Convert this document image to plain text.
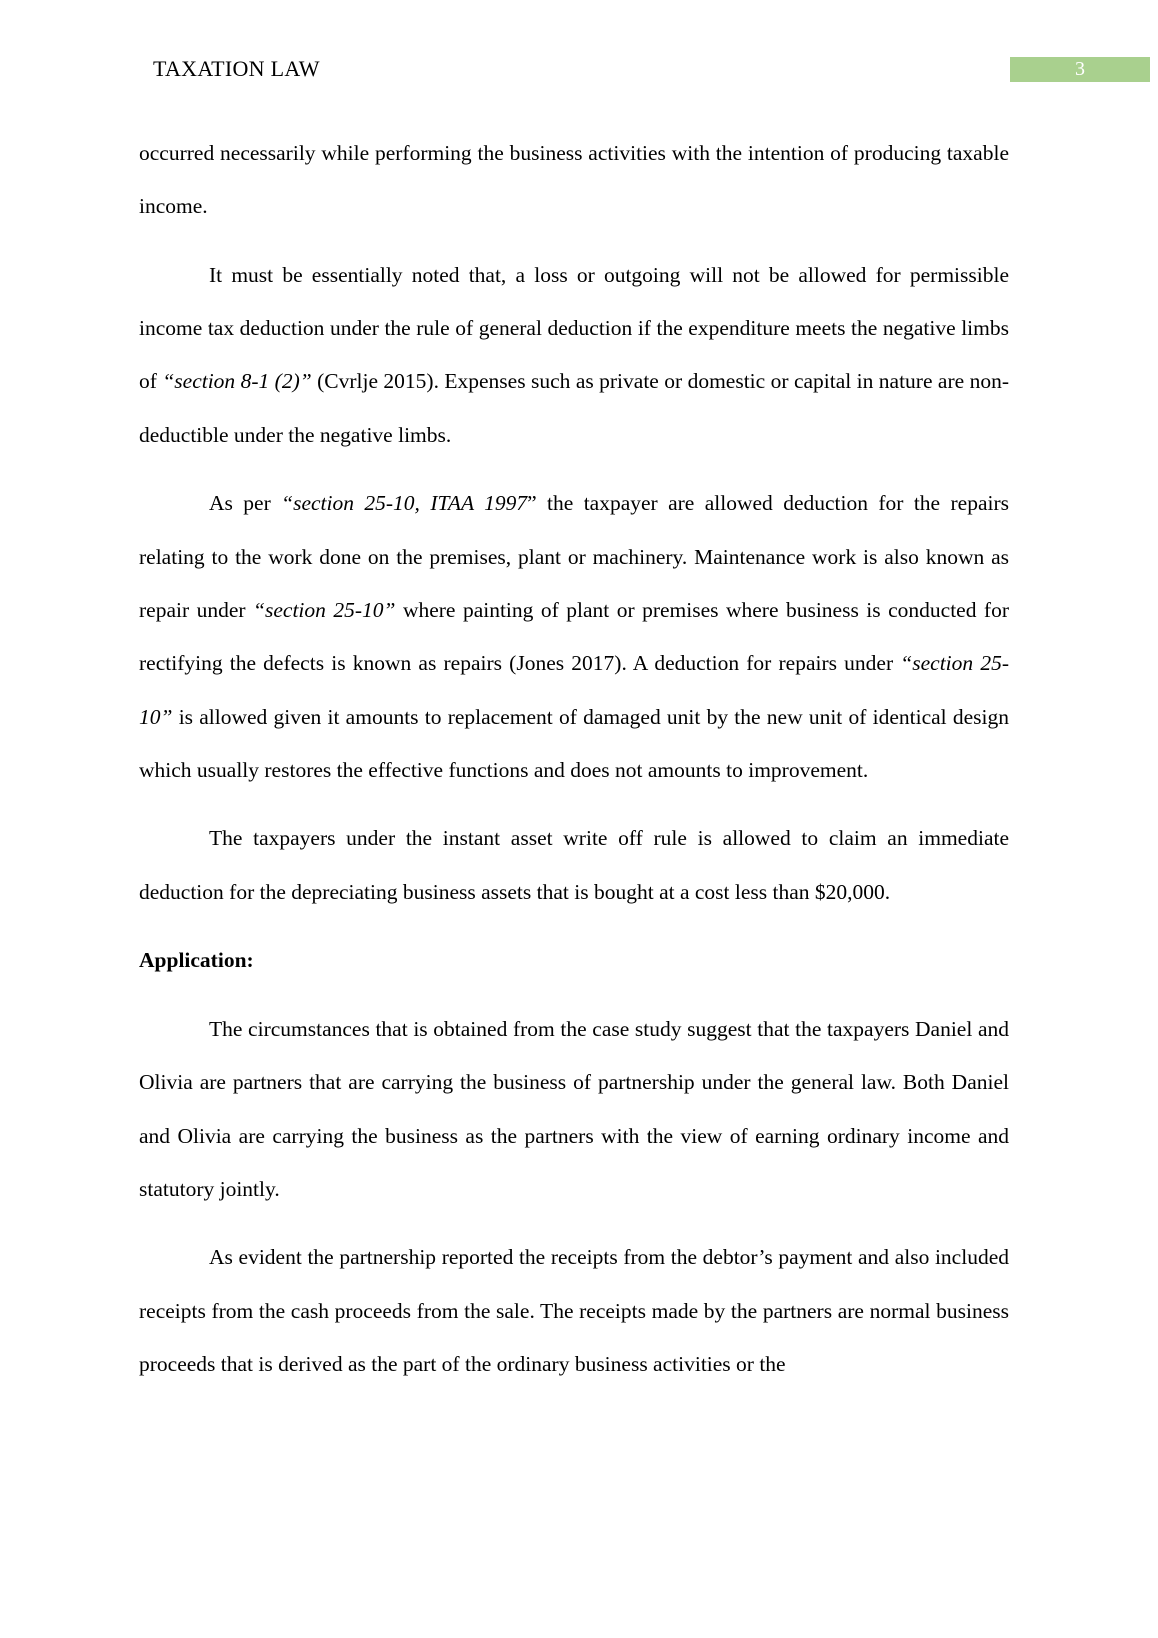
TAXATION LAW	3

occurred necessarily while performing the business activities with the intention of producing taxable income.

It must be essentially noted that, a loss or outgoing will not be allowed for permissible income tax deduction under the rule of general deduction if the expenditure meets the negative limbs of “section 8-1 (2)” (Cvrlje 2015). Expenses such as private or domestic or capital in nature are non-deductible under the negative limbs.

As per “section 25-10, ITAA 1997” the taxpayer are allowed deduction for the repairs relating to the work done on the premises, plant or machinery. Maintenance work is also known as repair under “section 25-10” where painting of plant or premises where business is conducted for rectifying the defects is known as repairs (Jones 2017). A deduction for repairs under “section 25-10” is allowed given it amounts to replacement of damaged unit by the new unit of identical design which usually restores the effective functions and does not amounts to improvement.

The taxpayers under the instant asset write off rule is allowed to claim an immediate deduction for the depreciating business assets that is bought at a cost less than $20,000.

Application:

The circumstances that is obtained from the case study suggest that the taxpayers Daniel and Olivia are partners that are carrying the business of partnership under the general law. Both Daniel and Olivia are carrying the business as the partners with the view of earning ordinary income and statutory jointly.

As evident the partnership reported the receipts from the debtor’s payment and also included receipts from the cash proceeds from the sale. The receipts made by the partners are normal business proceeds that is derived as the part of the ordinary business activities or the
